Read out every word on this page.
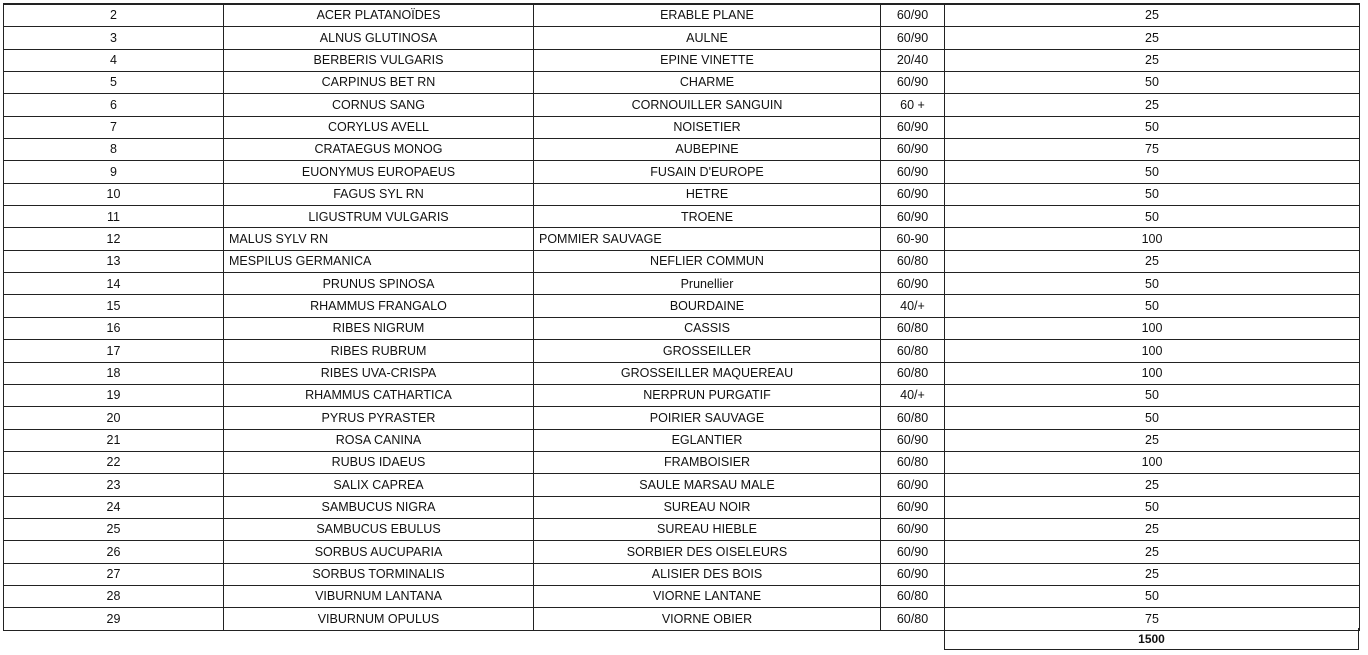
2	ACER PLATANOÏDES	ERABLE PLANE	60/90	25
3	ALNUS GLUTINOSA	AULNE	60/90	25
4	BERBERIS VULGARIS	EPINE VINETTE	20/40	25
5	CARPINUS BET RN	CHARME	60/90	50
6	CORNUS SANG	CORNOUILLER SANGUIN	60 +	25
7	CORYLUS AVELL	NOISETIER	60/90	50
8	CRATAEGUS MONOG	AUBEPINE	60/90	75
9	EUONYMUS EUROPAEUS	FUSAIN D'EUROPE	60/90	50
10	FAGUS SYL RN	HETRE	60/90	50
11	LIGUSTRUM VULGARIS	TROENE	60/90	50
12	MALUS SYLV RN	POMMIER SAUVAGE	60-90	100
13	MESPILUS GERMANICA	NEFLIER COMMUN	60/80	25
14	PRUNUS SPINOSA	Prunellier	60/90	50
15	RHAMMUS FRANGALO	BOURDAINE	40/+	50
16	RIBES NIGRUM	CASSIS	60/80	100
17	RIBES RUBRUM	GROSSEILLER	60/80	100
18	RIBES UVA-CRISPA	GROSSEILLER MAQUEREAU	60/80	100
19	RHAMMUS CATHARTICA	NERPRUN PURGATIF	40/+	50
20	PYRUS PYRASTER	POIRIER SAUVAGE	60/80	50
21	ROSA CANINA	EGLANTIER	60/90	25
22	RUBUS IDAEUS	FRAMBOISIER	60/80	100
23	SALIX CAPREA	SAULE MARSAU MALE	60/90	25
24	SAMBUCUS NIGRA	SUREAU NOIR	60/90	50
25	SAMBUCUS EBULUS	SUREAU HIEBLE	60/90	25
26	SORBUS AUCUPARIA	SORBIER DES OISELEURS	60/90	25
27	SORBUS TORMINALIS	ALISIER DES BOIS	60/90	25
28	VIBURNUM LANTANA	VIORNE LANTANE	60/80	50
29	VIBURNUM OPULUS	VIORNE OBIER	60/80	75
1500
